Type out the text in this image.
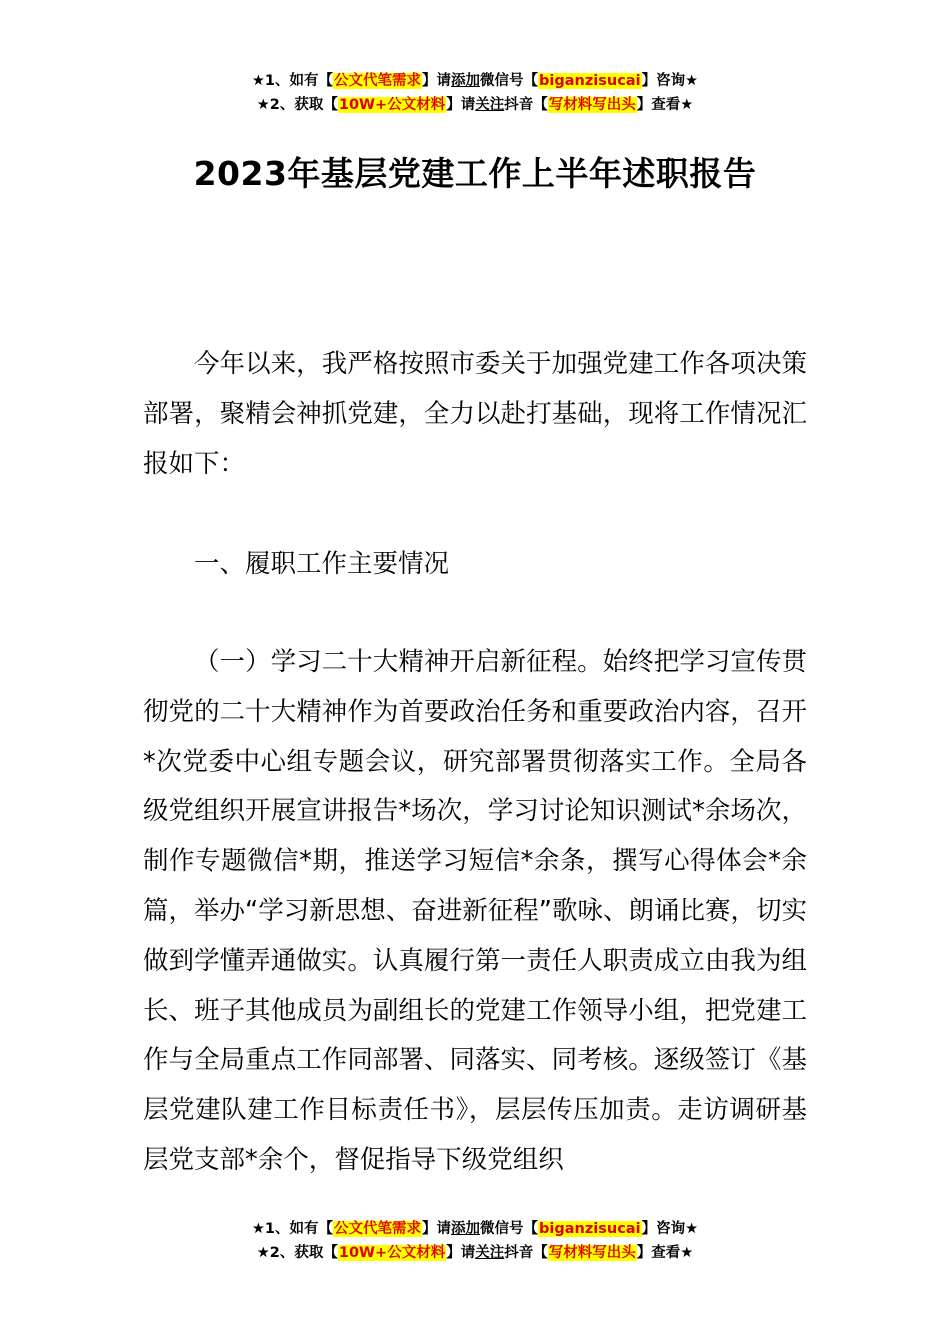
★1、如有【公文代笔需求】请添加微信号【biganzisucai】咨询★
★2、获取【10W+公文材料】请关注抖音【写材料写出头】查看★
2023年基层党建工作上半年述职报告
今年以来，我严格按照市委关于加强党建工作各项决策部署，聚精会神抓党建，全力以赴打基础，现将工作情况汇报如下：
一、履职工作主要情况
（一）学习二十大精神开启新征程。始终把学习宣传贯彻党的二十大精神作为首要政治任务和重要政治内容，召开*次党委中心组专题会议，研究部署贯彻落实工作。全局各级党组织开展宣讲报告*场次，学习讨论知识测试*余场次，制作专题微信*期，推送学习短信*余条，撰写心得体会*余篇，举办“学习新思想、奋进新征程”歌咏、朗诵比赛，切实做到学懂弄通做实。认真履行第一责任人职责成立由我为组长、班子其他成员为副组长的党建工作领导小组，把党建工作与全局重点工作同部署、同落实、同考核。逐级签订《基层党建队建工作目标责任书》，层层传压加责。走访调研基层党支部*余个，督促指导下级党组织
★1、如有【公文代笔需求】请添加微信号【biganzisucai】咨询★
★2、获取【10W+公文材料】请关注抖音【写材料写出头】查看★
